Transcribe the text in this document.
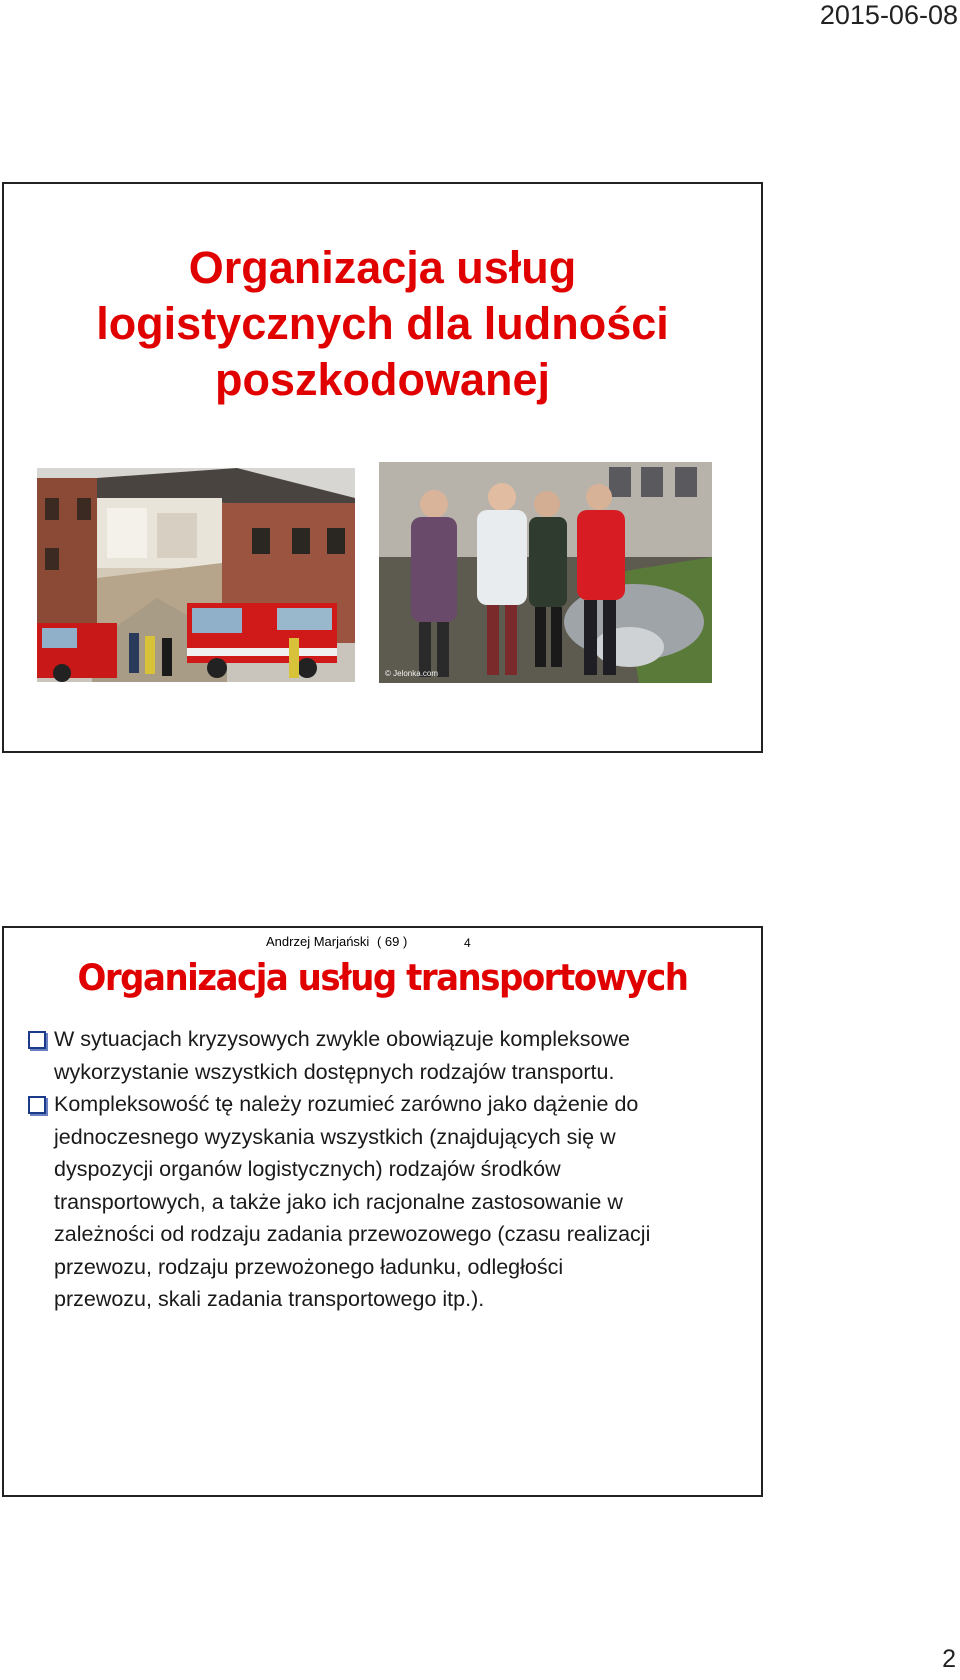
2015-06-08
Organizacja usług
logistycznych dla ludności
poszkodowanej
© Jelonka.com
Andrzej Marjański ( 69 )	4
Organizacja usług transportowych
W sytuacjach kryzysowych zwykle obowiązuje kompleksowe
wykorzystanie wszystkich dostępnych rodzajów transportu.
Kompleksowość tę należy rozumieć zarówno jako dążenie do
jednoczesnego wyzyskania wszystkich (znajdujących się w
dyspozycji organów logistycznych) rodzajów środków
transportowych, a także jako ich racjonalne zastosowanie w
zależności od rodzaju zadania przewozowego (czasu realizacji
przewozu, rodzaju przewożonego ładunku, odległości
przewozu, skali zadania transportowego itp.).
2
